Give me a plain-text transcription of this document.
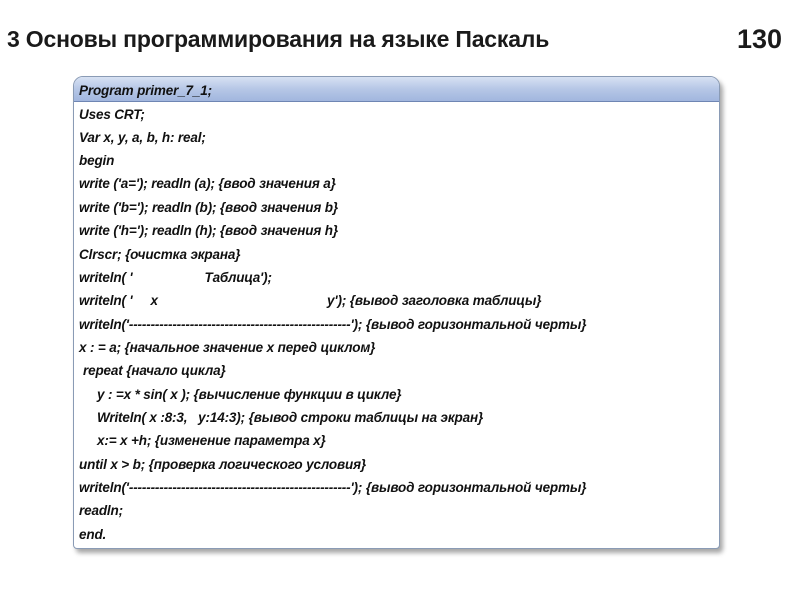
3 Основы программирования на языке Паскаль	130
Program primer_7_1;
Uses CRT;
Var x, y, a, b, h: real;
begin
write ('a='); readln (a); {ввод значения а}
write ('b='); readln (b); {ввод значения b}
write ('h='); readln (h); {ввод значения h}
Clrscr; {очистка экрана}
writeln( '                    Таблица');
writeln( '     x                                               y'); {вывод заголовка таблицы}
writeln('---------------------------------------------------'); {вывод горизонтальной черты}
x : = a; {начальное значение х перед циклом}
repeat {начало цикла}
y : =x * sin( x ); {вычисление функции в цикле}
Writeln( x :8:3,   y:14:3); {вывод строки таблицы на экран}
x:= x +h; {изменение параметра х}
until x > b; {проверка логического условия}
writeln('---------------------------------------------------'); {вывод горизонтальной черты}
readln;
end.
